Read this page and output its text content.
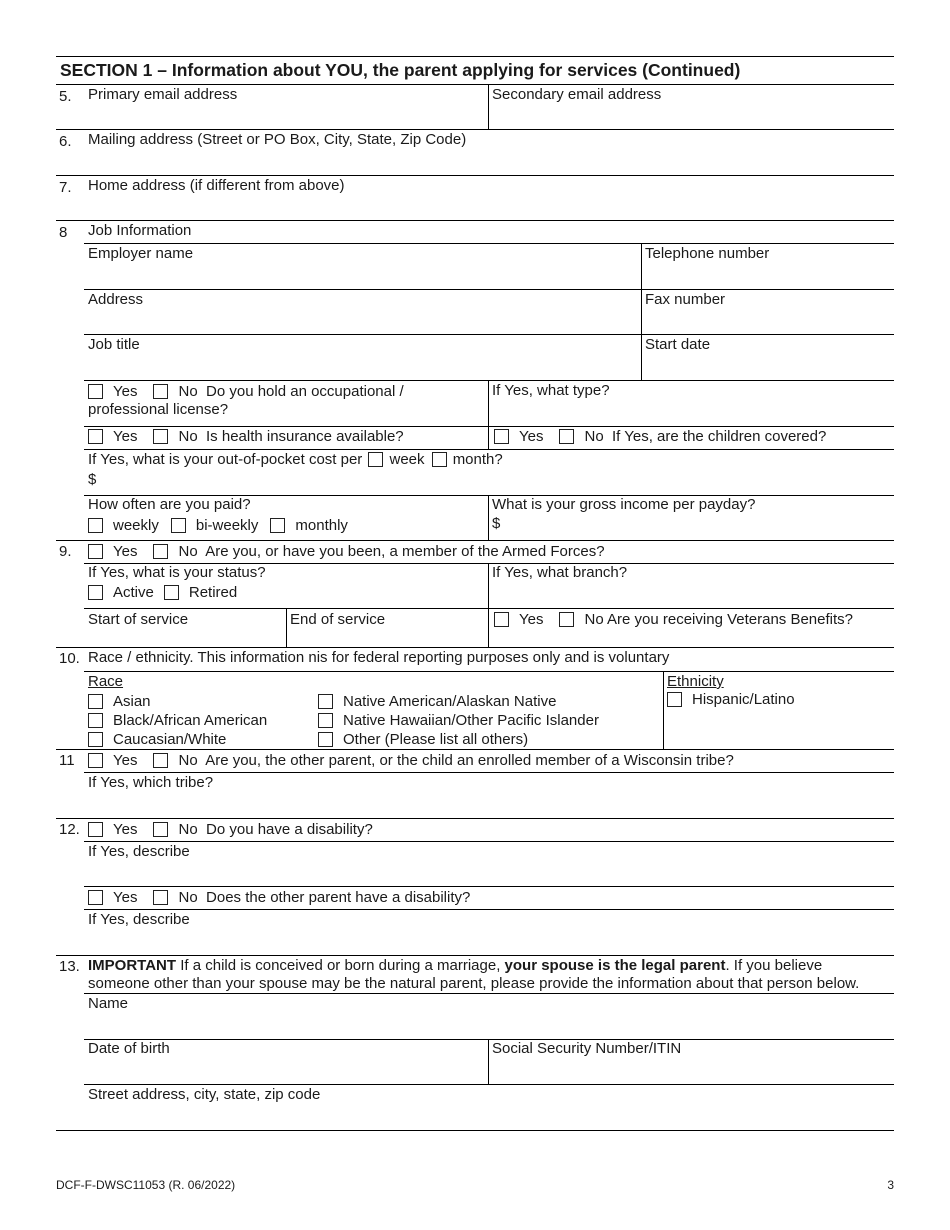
SECTION 1 – Information about YOU, the parent applying for services (Continued)
5. Primary email address	Secondary email address
6. Mailing address (Street or PO Box, City, State, Zip Code)
7. Home address (if different from above)
8 Job Information
Employer name	Telephone number
Address	Fax number
Job title	Start date
Yes	No Do you hold an occupational /
professional license?
If Yes, what type?
Yes	No Is health insurance available?	Yes	No If Yes, are the children covered?
If Yes, what is your out-of-pocket cost per week month?
$
How often are you paid?
weekly bi-weekly monthly
What is your gross income per payday?
$
9.	Yes	No Are you, or have you been, a member of the Armed Forces?
If Yes, what is your status?
Active Retired
If Yes, what branch?
Start of service	End of service	Yes	No Are you receiving Veterans Benefits?
10. Race / ethnicity. This information nis for federal reporting purposes only and is voluntary
Race
Asian
Black/African American
Caucasian/White
Native American/Alaskan Native
Native Hawaiian/Other Pacific Islander
Other (Please list all others)
Ethnicity
Hispanic/Latino
11	Yes	No Are you, the other parent, or the child an enrolled member of a Wisconsin tribe?
If Yes, which tribe?
12.	Yes	No Do you have a disability?
If Yes, describe
Yes	No Does the other parent have a disability?
If Yes, describe
13. IMPORTANT If a child is conceived or born during a marriage, your spouse is the legal parent. If you believe
someone other than your spouse may be the natural parent, please provide the information about that person below.
Name
Date of birth	Social Security Number/ITIN
Street address, city, state, zip code
DCF-F-DWSC11053 (R. 06/2022)	3
